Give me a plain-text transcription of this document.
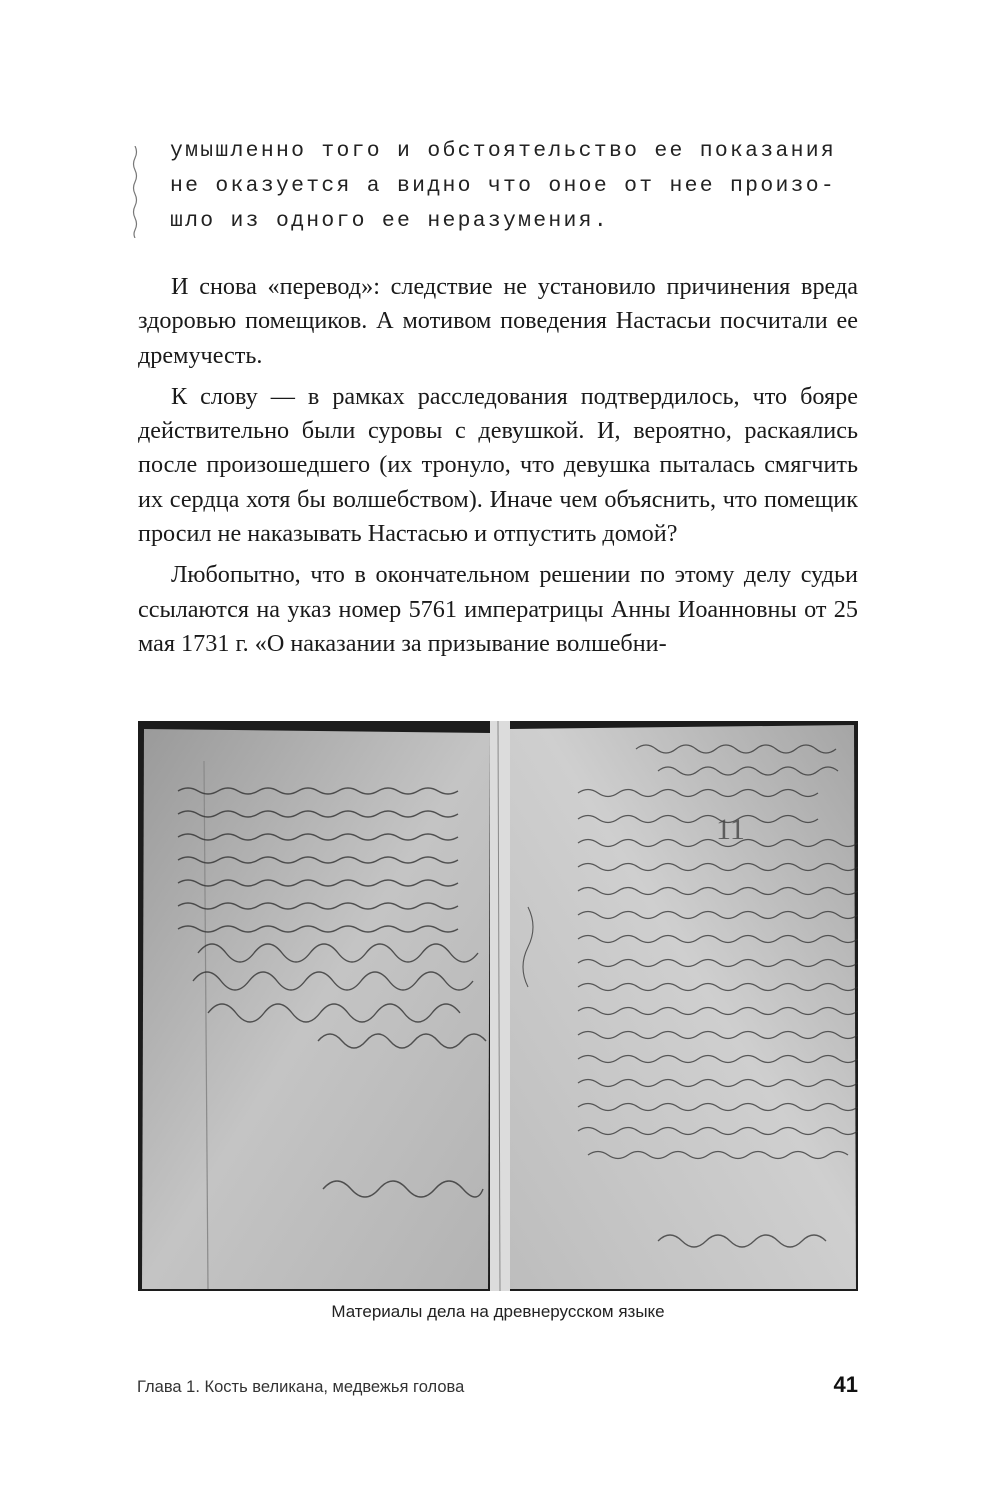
умышленно того и обстоятельство ее показания
не оказуется а видно что оное от нее произо-
шло из одного ее неразумения.

И снова «перевод»: следствие не установило причинения вреда здоровью помещиков. А мотивом поведения Настасьи посчитали ее дремучесть.

К слову — в рамках расследования подтвердилось, что бояре действительно были суровы с девушкой. И, вероятно, раскаялись после произошедшего (их тронуло, что девушка пыталась смягчить их сердца хотя бы волшебством). Иначе чем объяснить, что помещик просил не наказывать Настасью и отпустить домой?

Любопытно, что в окончательном решении по этому делу судьи ссылаются на указ номер 5761 императрицы Анны Иоанновны от 25 мая 1731 г. «О наказании за призывание волшебни-

11
Материалы дела на древнерусском языке
Глава 1. Кость великана, медвежья голова	41
